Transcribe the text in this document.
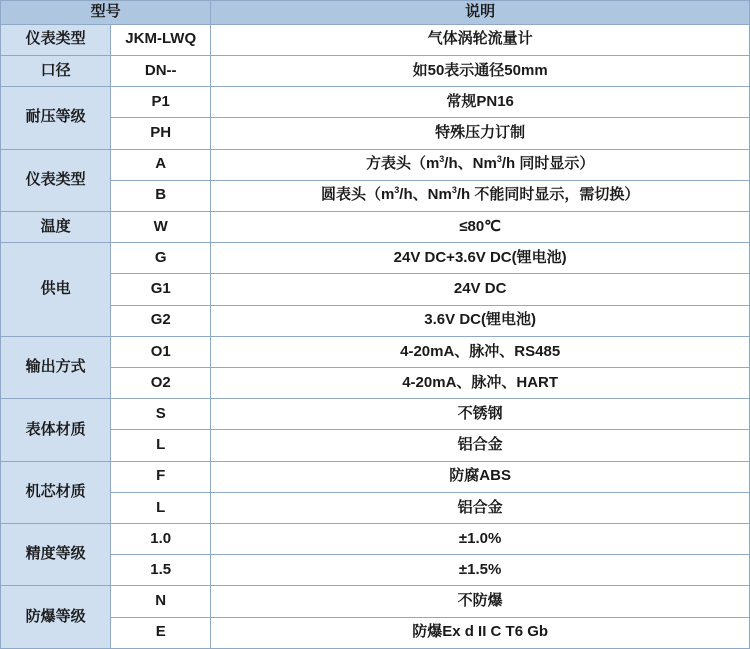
型号		说明
仪表类型	JKM-LWQ	气体涡轮流量计
口径	DN--	如50表示通径50mm
耐压等级	P1	常规PN16
	PH	特殊压力订制
仪表类型	A	方表头（$m^3/h$、Nm$^3$/h 同时显示）
	B	圆表头（$m^3/h$、Nm$^3$/h 不能同时显示，需切换）
温度	W	≤80℃
供电	G	24V DC+3.6V DC(锂电池)
	G1	24V DC
	G2	3.6V DC(锂电池)
输出方式	O1	4-20mA、脉冲、RS485
	O2	4-20mA、脉冲、HART
表体材质	S	不锈钢
	L	铝合金
机芯材质	F	防腐ABS
	L	铝合金
精度等级	1.0	±1.0%
	1.5	±1.5%
防爆等级	N	不防爆
	E	防爆Ex d II C T6 Gb
